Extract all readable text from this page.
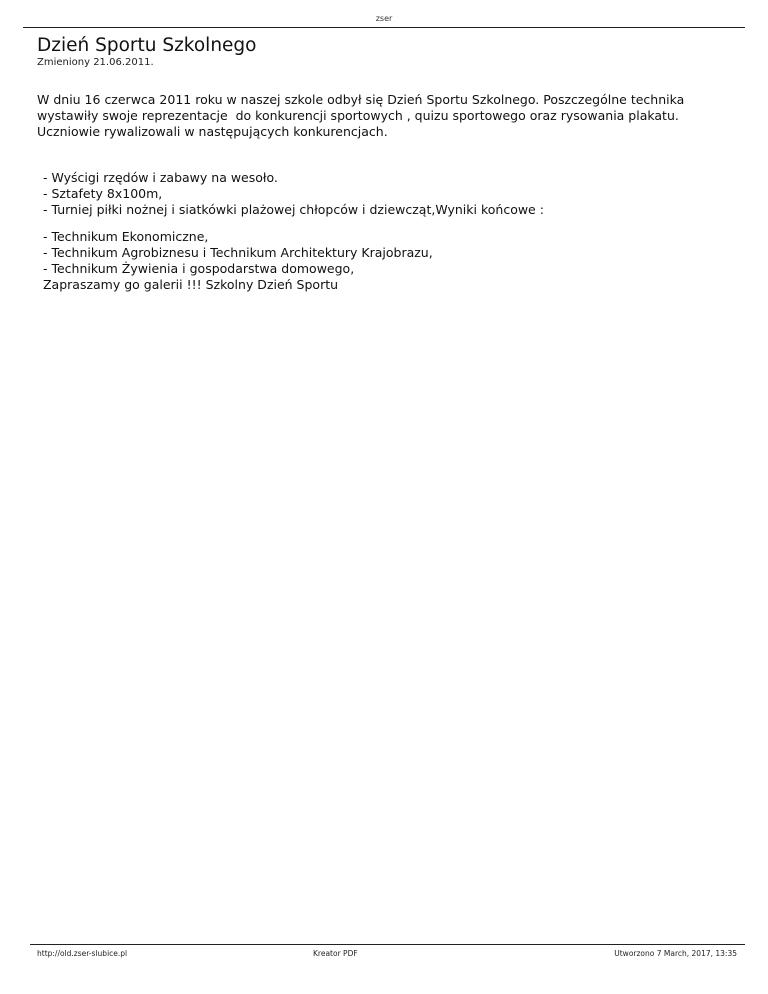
zser
Dzień Sportu Szkolnego

Zmieniony 21.06.2011.

W dniu 16 czerwca 2011 roku w naszej szkole odbył się Dzień Sportu Szkolnego. Poszczególne technika wystawiły swoje reprezentacje  do konkurencji sportowych , quizu sportowego oraz rysowania plakatu. Uczniowie rywalizowali w następujących konkurencjach.

- Wyścigi rzędów i zabawy na wesoło.

- Sztafety 8x100m,

- Turniej piłki nożnej i siatkówki plażowej chłopców i dziewcząt,Wyniki końcowe :

- Technikum Ekonomiczne,

- Technikum Agrobiznesu i Technikum Architektury Krajobrazu,

- Technikum Żywienia i gospodarstwa domowego,

Zapraszamy go galerii !!! Szkolny Dzień Sportu

http://old.zser-slubice.pl	Kreator PDF	Utworzono 7 March, 2017, 13:35
